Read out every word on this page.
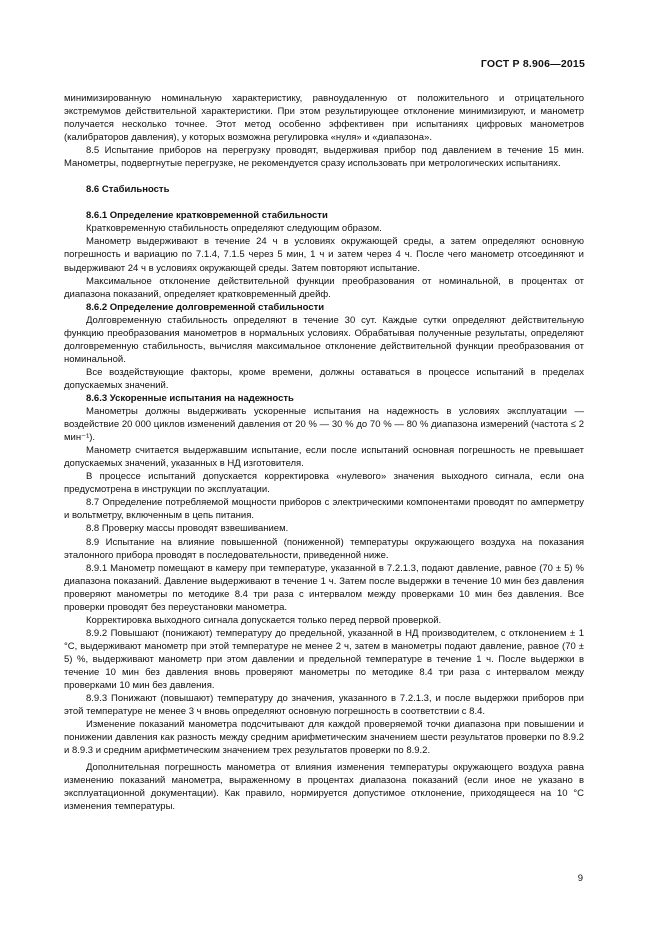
ГОСТ Р 8.906—2015

минимизированную номинальную характеристику, равноудаленную от положительного и отрицательного экстремумов действительной характеристики. При этом результирующее отклонение минимизируют, и манометр получается несколько точнее. Этот метод особенно эффективен при испытаниях цифровых манометров (калибраторов давления), у которых возможна регулировка «нуля» и «диапазона».

8.5 Испытание приборов на перегрузку проводят, выдерживая прибор под давлением в течение 15 мин. Манометры, подвергнутые перегрузке, не рекомендуется сразу использовать при метрологических испытаниях.

8.6 Стабильность
8.6.1 Определение кратковременной стабильности

Кратковременную стабильность определяют следующим образом.

Манометр выдерживают в течение 24 ч в условиях окружающей среды, а затем определяют основную погрешность и вариацию по 7.1.4, 7.1.5 через 5 мин, 1 ч и затем через 4 ч. После чего манометр отсоединяют и выдерживают 24 ч в условиях окружающей среды. Затем повторяют испытание.

Максимальное отклонение действительной функции преобразования от номинальной, в процентах от диапазона показаний, определяет кратковременный дрейф.

8.6.2 Определение долговременной стабильности

Долговременную стабильность определяют в течение 30 сут. Каждые сутки определяют действительную функцию преобразования манометров в нормальных условиях. Обрабатывая полученные результаты, определяют долговременную стабильность, вычисляя максимальное отклонение действительной функции преобразования от номинальной.

Все воздействующие факторы, кроме времени, должны оставаться в процессе испытаний в пределах допускаемых значений.

8.6.3 Ускоренные испытания на надежность

Манометры должны выдерживать ускоренные испытания на надежность в условиях эксплуатации — воздействие 20 000 циклов изменений давления от 20 % — 30 % до 70 % — 80 % диапазона измерений (частота ≤ 2 мин⁻¹).

Манометр считается выдержавшим испытание, если после испытаний основная погрешность не превышает допускаемых значений, указанных в НД изготовителя.

В процессе испытаний допускается корректировка «нулевого» значения выходного сигнала, если она предусмотрена в инструкции по эксплуатации.

8.7 Определение потребляемой мощности приборов с электрическими компонентами проводят по амперметру и вольтметру, включенным в цепь питания.

8.8 Проверку массы проводят взвешиванием.

8.9 Испытание на влияние повышенной (пониженной) температуры окружающего воздуха на показания эталонного прибора проводят в последовательности, приведенной ниже.

8.9.1 Манометр помещают в камеру при температуре, указанной в 7.2.1.3, подают давление, равное (70 ± 5) % диапазона показаний. Давление выдерживают в течение 1 ч. Затем после выдержки в течение 10 мин без давления проверяют манометры по методике 8.4 три раза с интервалом между проверками 10 мин без давления. Все проверки проводят без переустановки манометра.

Корректировка выходного сигнала допускается только перед первой проверкой.

8.9.2 Повышают (понижают) температуру до предельной, указанной в НД производителем, с отклонением ± 1 °С, выдерживают манометр при этой температуре не менее 2 ч, затем в манометры подают давление, равное (70 ± 5) %, выдерживают манометр при этом давлении и предельной температуре в течение 1 ч. После выдержки в течение 10 мин без давления вновь проверяют манометры по методике 8.4 три раза с интервалом между проверками 10 мин без давления.

8.9.3 Понижают (повышают) температуру до значения, указанного в 7.2.1.3, и после выдержки приборов при этой температуре не менее 3 ч вновь определяют основную погрешность в соответствии с 8.4.

Изменение показаний манометра подсчитывают для каждой проверяемой точки диапазона при повышении и понижении давления как разность между средним арифметическим значением шести результатов проверки по 8.9.2 и 8.9.3 и средним арифметическим значением трех результатов проверки по 8.9.2.

Дополнительная погрешность манометра от влияния изменения температуры окружающего воздуха равна изменению показаний манометра, выраженному в процентах диапазона показаний (если иное не указано в эксплуатационной документации). Как правило, нормируется допустимое отклонение, приходящееся на 10 °С изменения температуры.

9
